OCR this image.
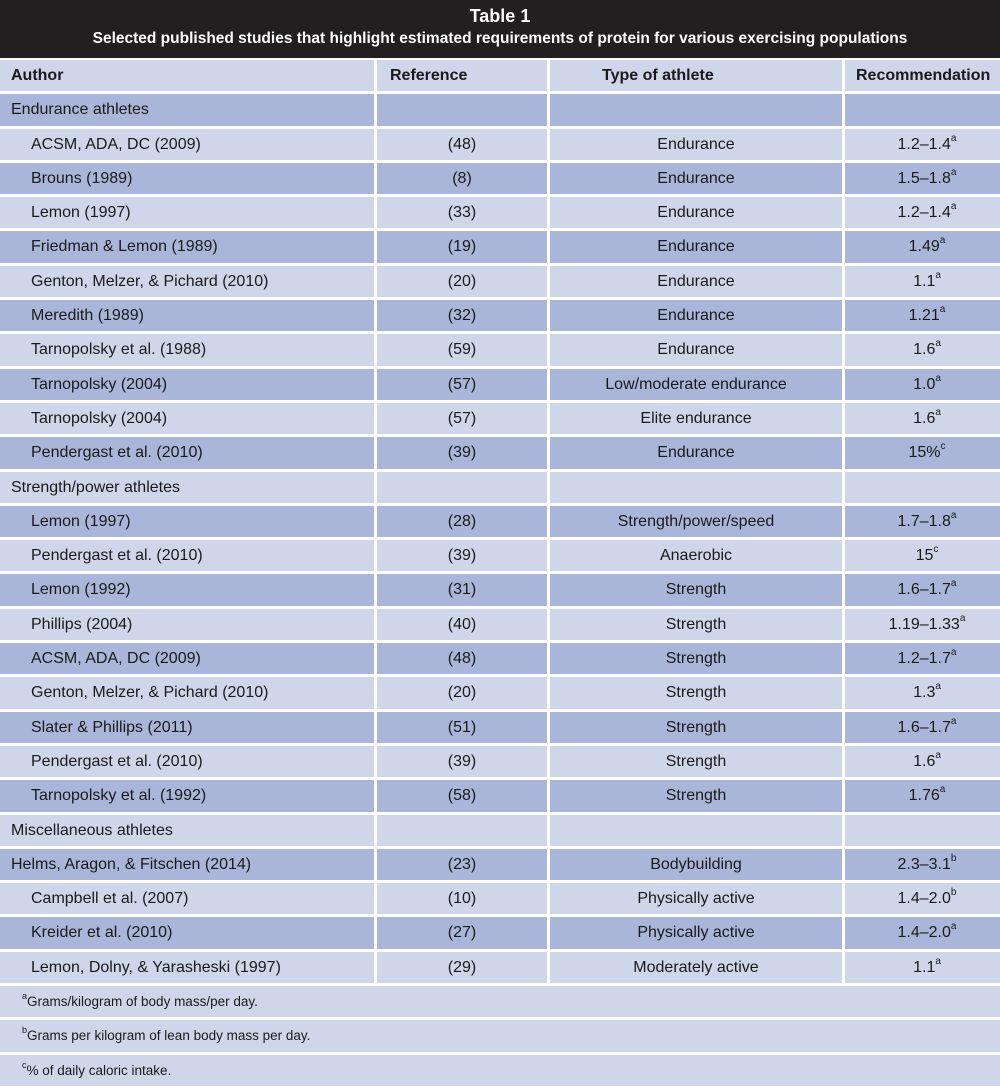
Table 1
Selected published studies that highlight estimated requirements of protein for various exercising populations
Author	Reference	Type of athlete	Recommendation
Endurance athletes
ACSM, ADA, DC (2009)	(48)	Endurance	1.2–1.4$^a$
Brouns (1989)	(8)	Endurance	1.5–1.8$^a$
Lemon (1997)	(33)	Endurance	1.2–1.4$^a$
Friedman & Lemon (1989)	(19)	Endurance	1.49$^a$
Genton, Melzer, & Pichard (2010)	(20)	Endurance	1.1$^a$
Meredith (1989)	(32)	Endurance	1.21$^a$
Tarnopolsky et al. (1988)	(59)	Endurance	1.6$^a$
Tarnopolsky (2004)	(57)	Low/moderate endurance	1.0$^a$
Tarnopolsky (2004)	(57)	Elite endurance	1.6$^a$
Pendergast et al. (2010)	(39)	Endurance	15%$^c$
Strength/power athletes
Lemon (1997)	(28)	Strength/power/speed	1.7–1.8$^a$
Pendergast et al. (2010)	(39)	Anaerobic	15$^c$
Lemon (1992)	(31)	Strength	1.6–1.7$^a$
Phillips (2004)	(40)	Strength	1.19–1.33$^a$
ACSM, ADA, DC (2009)	(48)	Strength	1.2–1.7$^a$
Genton, Melzer, & Pichard (2010)	(20)	Strength	1.3$^a$
Slater & Phillips (2011)	(51)	Strength	1.6–1.7$^a$
Pendergast et al. (2010)	(39)	Strength	1.6$^a$
Tarnopolsky et al. (1992)	(58)	Strength	1.76$^a$
Miscellaneous athletes
Helms, Aragon, & Fitschen (2014)	(23)	Bodybuilding	2.3–3.1$^b$
Campbell et al. (2007)	(10)	Physically active	1.4–2.0$^b$
Kreider et al. (2010)	(27)	Physically active	1.4–2.0$^a$
Lemon, Dolny, & Yarasheski (1997)	(29)	Moderately active	1.1$^a$
$^a$Grams/kilogram of body mass/per day.
$^b$Grams per kilogram of lean body mass per day.
$^c$% of daily caloric intake.
